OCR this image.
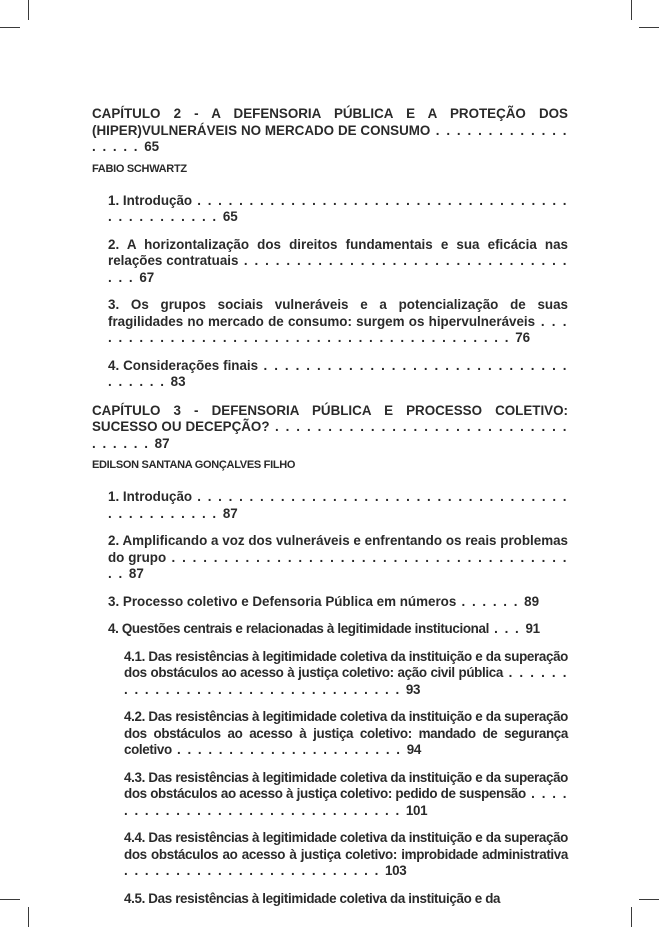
CAPÍTULO 2 - A DEFENSORIA PÚBLICA E A PROTEÇÃO DOS (HIPER)VULNERÁVEIS NO MERCADO DE CONSUMO . . . . . . . . . . . . . . . . . . 65
FABIO SCHWARTZ
1. Introdução . . . . . . . . . . . . . . . . . . . . . . . . . . . . . . . . . . . . . . . . . . . . . . . 65
2. A horizontalização dos direitos fundamentais e sua eficácia nas relações contratuais . . . . . . . . . . . . . . . . . . . . . . . . . . . . . . . . . . 67
3. Os grupos sociais vulneráveis e a potencialização de suas fragilidades no mercado de consumo: surgem os hipervulneráveis . . . . . . . . . . . . . . . . . . . . . . . . . . . . . . . . . . . . . . . . . . 76
4. Considerações finais . . . . . . . . . . . . . . . . . . . . . . . . . . . . . . . . . . . 83
CAPÍTULO 3 - DEFENSORIA PÚBLICA E PROCESSO COLETIVO: SUCESSO OU DECEPÇÃO? . . . . . . . . . . . . . . . . . . . . . . . . . . . . . . . . . . 87
EDILSON SANTANA GONÇALVES FILHO
1. Introdução . . . . . . . . . . . . . . . . . . . . . . . . . . . . . . . . . . . . . . . . . . . . . . . 87
2. Amplificando a voz dos vulneráveis e enfrentando os reais problemas do grupo . . . . . . . . . . . . . . . . . . . . . . . . . . . . . . . . . . . . . . . . 87
3. Processo coletivo e Defensoria Pública em números . . . . . . 89
4. Questões centrais e relacionadas à legitimidade institucional . . . 91
4.1. Das resistências à legitimidade coletiva da instituição e da superação dos obstáculos ao acesso à justiça coletivo: ação civil pública . . . . . . . . . . . . . . . . . . . . . . . . . . . . . . . . . 93
4.2. Das resistências à legitimidade coletiva da instituição e da superação dos obstáculos ao acesso à justiça coletivo: mandado de segurança coletivo . . . . . . . . . . . . . . . . . . . . . . 94
4.3. Das resistências à legitimidade coletiva da instituição e da superação dos obstáculos ao acesso à justiça coletivo: pedido de suspensão . . . . . . . . . . . . . . . . . . . . . . . . . . . . . . . 101
4.4. Das resistências à legitimidade coletiva da instituição e da superação dos obstáculos ao acesso à justiça coletivo: improbidade administrativa . . . . . . . . . . . . . . . . . . . . . . . . . 103
4.5. Das resistências à legitimidade coletiva da instituição e da
